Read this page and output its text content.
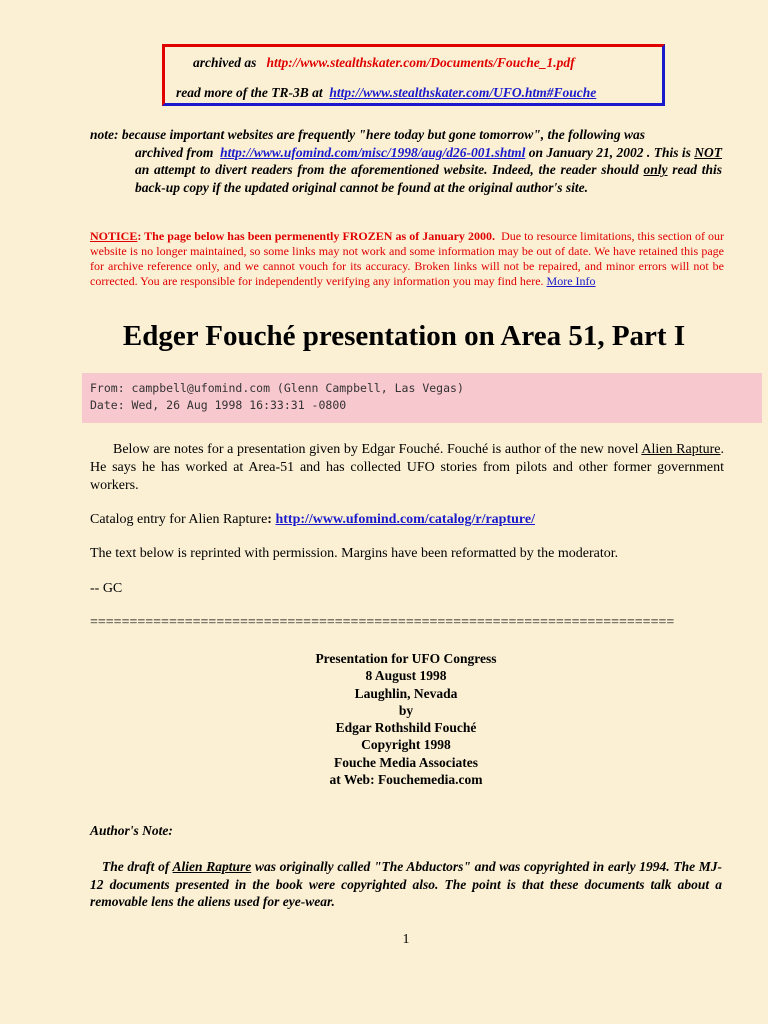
archived as http://www.stealthskater.com/Documents/Fouche_1.pdf
read more of the TR-3B at http://www.stealthskater.com/UFO.htm#Fouche
note: because important websites are frequently "here today but gone tomorrow", the following was
archived from http://www.ufomind.com/misc/1998/aug/d26-001.shtml on January 21, 2002 . This is NOT an attempt to divert readers from the aforementioned website. Indeed, the reader should only read this back-up copy if the updated original cannot be found at the original author's site.
NOTICE: The page below has been permenently FROZEN as of January 2000. Due to resource limitations, this section of our website is no longer maintained, so some links may not work and some information may be out of date. We have retained this page for archive reference only, and we cannot vouch for its accuracy. Broken links will not be repaired, and minor errors will not be corrected. You are responsible for independently verifying any information you may find here. More Info
Edger Fouché presentation on Area 51, Part I
From: campbell@ufomind.com (Glenn Campbell, Las Vegas)
Date: Wed, 26 Aug 1998 16:33:31 -0800
Below are notes for a presentation given by Edgar Fouché. Fouché is author of the new novel Alien Rapture. He says he has worked at Area-51 and has collected UFO stories from pilots and other former government workers.
Catalog entry for Alien Rapture: http://www.ufomind.com/catalog/r/rapture/
The text below is reprinted with permission. Margins have been reformatted by the moderator.
-- GC
==========================================================================
Presentation for UFO Congress
8 August 1998
Laughlin, Nevada
by
Edgar Rothshild Fouché
Copyright 1998
Fouche Media Associates
at Web: Fouchemedia.com
Author's Note:
The draft of Alien Rapture was originally called "The Abductors" and was copyrighted in early 1994. The MJ-12 documents presented in the book were copyrighted also. The point is that these documents talk about a removable lens the aliens used for eye-wear.
1
